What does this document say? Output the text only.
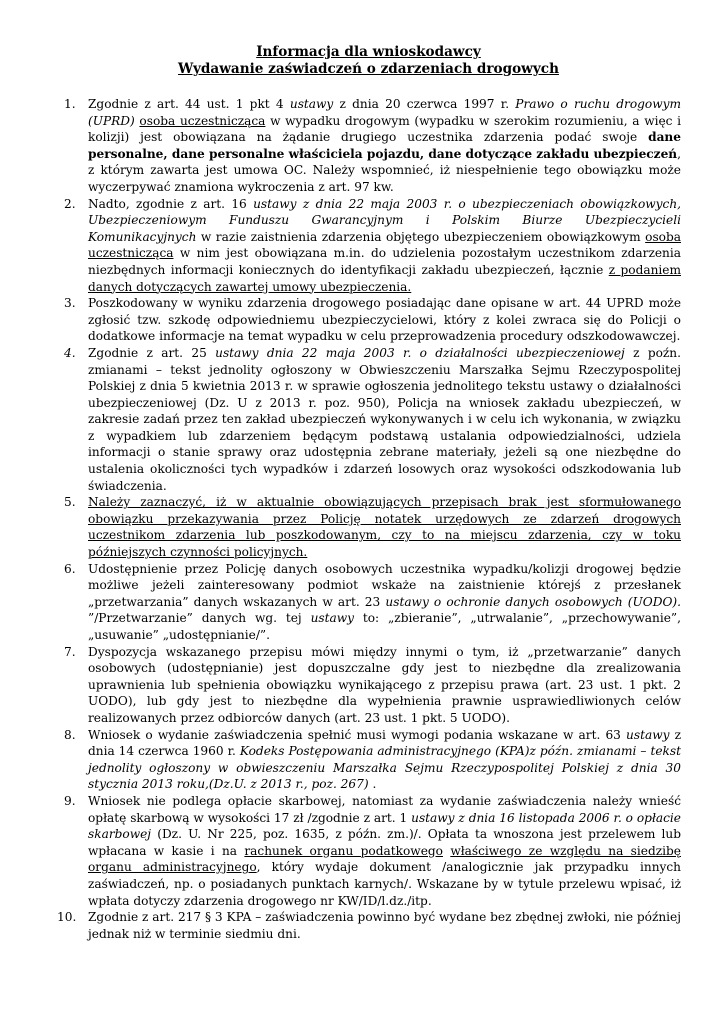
Informacja dla wnioskodawcy

Wydawanie zaświadczeń o zdarzeniach drogowych

1.	Zgodnie z art. 44 ust. 1 pkt 4 ustawy z dnia 20 czerwca 1997 r. Prawo o ruchu drogowym (UPRD) osoba uczestnicząca w wypadku drogowym (wypadku w szerokim rozumieniu, a więc i kolizji) jest obowiązana na żądanie drugiego uczestnika zdarzenia podać swoje dane personalne, dane personalne właściciela pojazdu, dane dotyczące zakładu ubezpieczeń, z którym zawarta jest umowa OC. Należy wspomnieć, iż niespełnienie tego obowiązku może wyczerpywać znamiona wykroczenia z art. 97 kw.
2.	Nadto, zgodnie z art. 16 ustawy z dnia 22 maja 2003 r. o ubezpieczeniach obowiązkowych, Ubezpieczeniowym Funduszu Gwarancyjnym i Polskim Biurze Ubezpieczycieli Komunikacyjnych w razie zaistnienia zdarzenia objętego ubezpieczeniem obowiązkowym osoba uczestnicząca w nim jest obowiązana m.in. do udzielenia pozostałym uczestnikom zdarzenia niezbędnych informacji koniecznych do identyfikacji zakładu ubezpieczeń, łącznie z podaniem danych dotyczących zawartej umowy ubezpieczenia.
3.	Poszkodowany w wyniku zdarzenia drogowego posiadając dane opisane w art. 44 UPRD może zgłosić tzw. szkodę odpowiedniemu ubezpieczycielowi, który z kolei zwraca się do Policji o dodatkowe informacje na temat wypadku w celu przeprowadzenia procedury odszkodowawczej.
4.	Zgodnie z art. 25 ustawy dnia 22 maja 2003 r. o działalności ubezpieczeniowej z poźn. zmianami – tekst jednolity ogłoszony w Obwieszczeniu Marszałka Sejmu Rzeczypospolitej Polskiej z dnia 5 kwietnia 2013 r. w sprawie ogłoszenia jednolitego tekstu ustawy o działalności ubezpieczeniowej (Dz. U z 2013 r. poz. 950), Policja na wniosek zakładu ubezpieczeń, w zakresie zadań przez ten zakład ubezpieczeń wykonywanych i w celu ich wykonania, w związku z wypadkiem lub zdarzeniem będącym podstawą ustalania odpowiedzialności, udziela informacji o stanie sprawy oraz udostępnia zebrane materiały, jeżeli są one niezbędne do ustalenia okoliczności tych wypadków i zdarzeń losowych oraz wysokości odszkodowania lub świadczenia.
5.	Należy zaznaczyć, iż w aktualnie obowiązujących przepisach brak jest sformułowanego obowiązku przekazywania przez Policję notatek urzędowych ze zdarzeń drogowych uczestnikom zdarzenia lub poszkodowanym, czy to na miejscu zdarzenia, czy w toku późniejszych czynności policyjnych.
6.	Udostępnienie przez Policję danych osobowych uczestnika wypadku/kolizji drogowej będzie możliwe jeżeli zainteresowany podmiot wskaże na zaistnienie którejś z przesłanek „przetwarzania” danych wskazanych w art. 23 ustawy o ochronie danych osobowych (UODO). ”/Przetwarzanie” danych wg. tej ustawy to: „zbieranie”, „utrwalanie”, „przechowywanie”, „usuwanie” „udostępnianie/”.
7.	Dyspozycja wskazanego przepisu mówi między innymi o tym, iż „przetwarzanie” danych osobowych (udostępnianie) jest dopuszczalne gdy jest to niezbędne dla zrealizowania uprawnienia lub spełnienia obowiązku wynikającego z przepisu prawa (art. 23 ust. 1 pkt. 2 UODO), lub gdy jest to niezbędne dla wypełnienia prawnie usprawiedliwionych celów realizowanych przez odbiorców danych (art. 23 ust. 1 pkt. 5 UODO).
8.	Wniosek o wydanie zaświadczenia spełnić musi wymogi podania wskazane w art. 63 ustawy z dnia 14 czerwca 1960 r. Kodeks Postępowania administracyjnego (KPA)z późn. zmianami – tekst jednolity ogłoszony w obwieszczeniu Marszałka Sejmu Rzeczypospolitej Polskiej z dnia 30 stycznia 2013 roku,(Dz.U. z 2013 r., poz. 267) .
9.	Wniosek nie podlega opłacie skarbowej, natomiast za wydanie zaświadczenia należy wnieść opłatę skarbową w wysokości 17 zł /zgodnie z art. 1 ustawy z dnia 16 listopada 2006 r. o opłacie skarbowej (Dz. U. Nr 225, poz. 1635, z późn. zm.)/. Opłata ta wnoszona jest przelewem lub wpłacana w kasie i na rachunek organu podatkowego właściwego ze względu na siedzibę organu administracyjnego, który wydaje dokument /analogicznie jak przypadku innych zaświadczeń, np. o posiadanych punktach karnych/. Wskazane by w tytule przelewu wpisać, iż wpłata dotyczy zdarzenia drogowego nr KW/ID/l.dz./itp.
10. Zgodnie z art. 217 § 3 KPA – zaświadczenia powinno być wydane bez zbędnej zwłoki, nie później jednak niż w terminie siedmiu dni.
